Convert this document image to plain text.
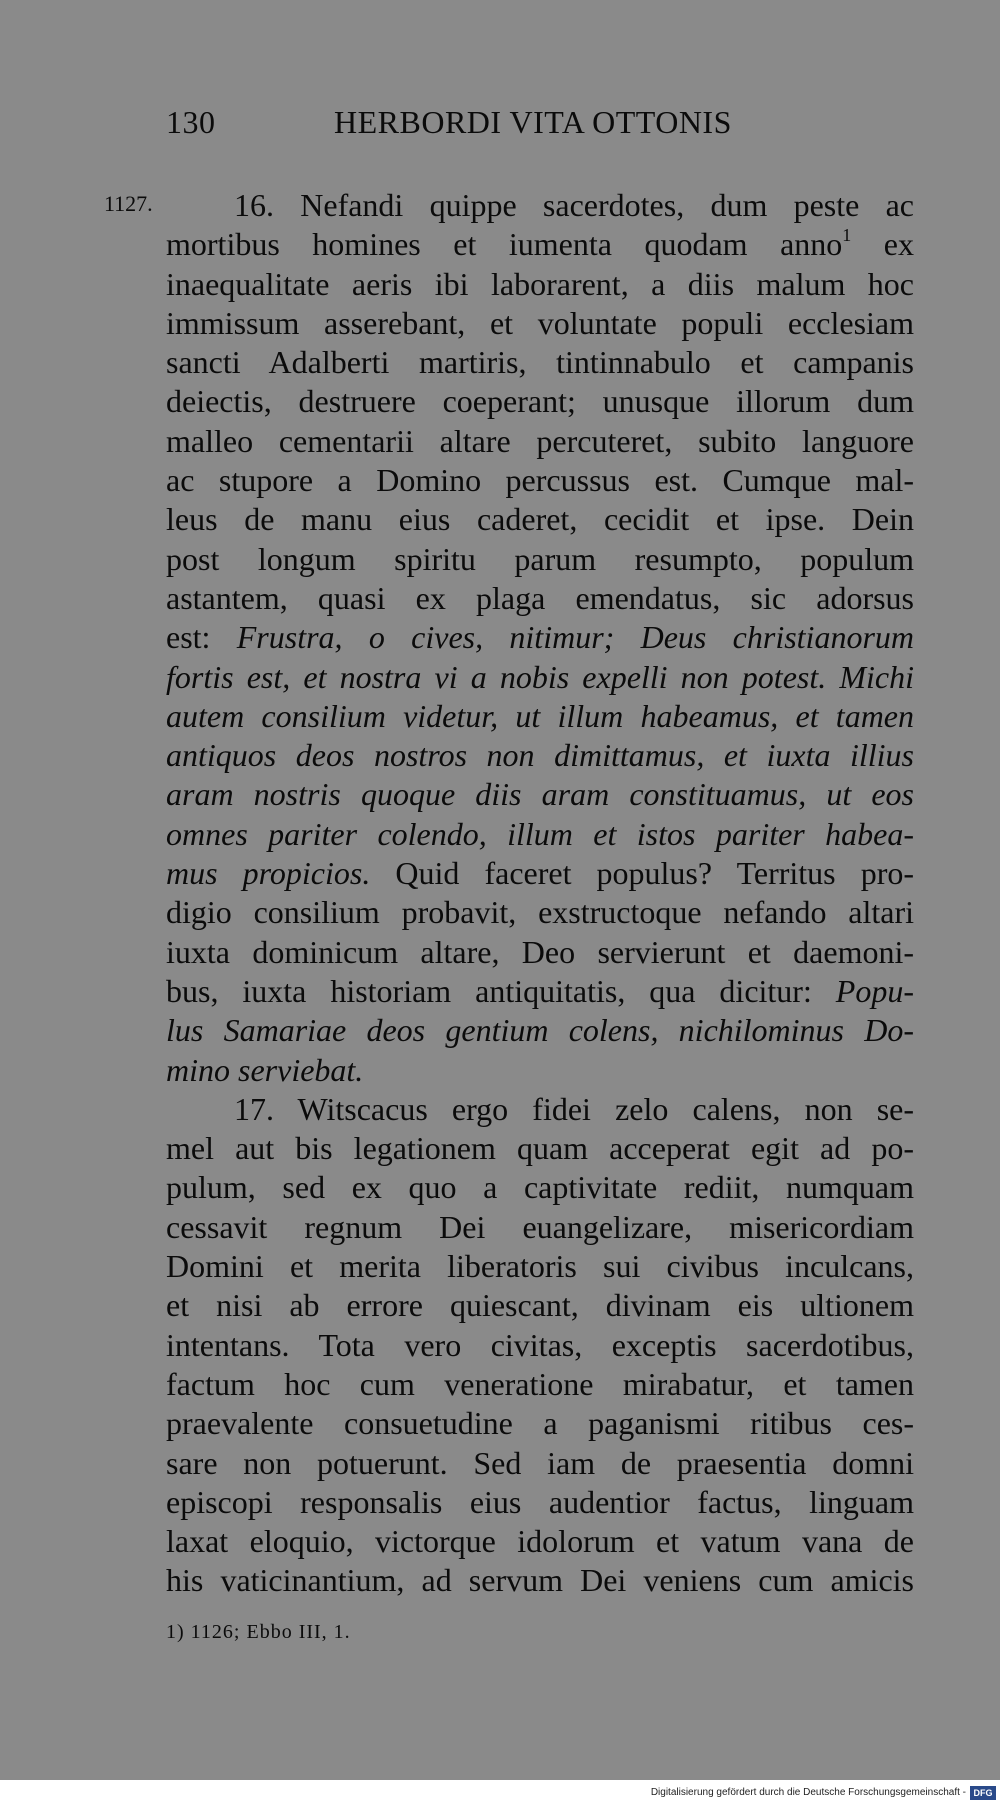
130	HERBORDI VITA OTTONIS
1127.	16. Nefandi quippe sacerdotes, dum peste ac
mortibus homines et iumenta quodam anno$^1$ ex
inaequalitate aeris ibi laborarent, a diis malum hoc
immissum asserebant, et voluntate populi ecclesiam
sancti Adalberti martiris, tintinnabulo et campanis
deiectis, destruere coeperant; unusque illorum dum
malleo cementarii altare percuteret, subito languore
ac stupore a Domino percussus est. Cumque mal-
leus de manu eius caderet, cecidit et ipse. Dein
post longum spiritu parum resumpto, populum
astantem, quasi ex plaga emendatus, sic adorsus
est: Frustra, o cives, nitimur; Deus christianorum
fortis est, et nostra vi a nobis expelli non potest. Michi
autem consilium videtur, ut illum habeamus, et tamen
antiquos deos nostros non dimittamus, et iuxta illius
aram nostris quoque diis aram constituamus, ut eos
omnes pariter colendo, illum et istos pariter habea-
mus propicios. Quid faceret populus? Territus pro-
digio consilium probavit, exstructoque nefando altari
iuxta dominicum altare, Deo servierunt et daemoni-
bus, iuxta historiam antiquitatis, qua dicitur: Popu-
lus Samariae deos gentium colens, nichilominus Do-
mino serviebat.
17. Witscacus ergo fidei zelo calens, non se-
mel aut bis legationem quam acceperat egit ad po-
pulum, sed ex quo a captivitate rediit, numquam
cessavit regnum Dei euangelizare, misericordiam
Domini et merita liberatoris sui civibus inculcans,
et nisi ab errore quiescant, divinam eis ultionem
intentans. Tota vero civitas, exceptis sacerdotibus,
factum hoc cum veneratione mirabatur, et tamen
praevalente consuetudine a paganismi ritibus ces-
sare non potuerunt. Sed iam de praesentia domni
episcopi responsalis eius audentior factus, linguam
laxat eloquio, victorque idolorum et vatum vana de
his vaticinantium, ad servum Dei veniens cum amicis
1) 1126; Ebbo III, 1.
Digitalisierung gefördert durch die Deutsche Forschungsgemeinschaft - DFG
